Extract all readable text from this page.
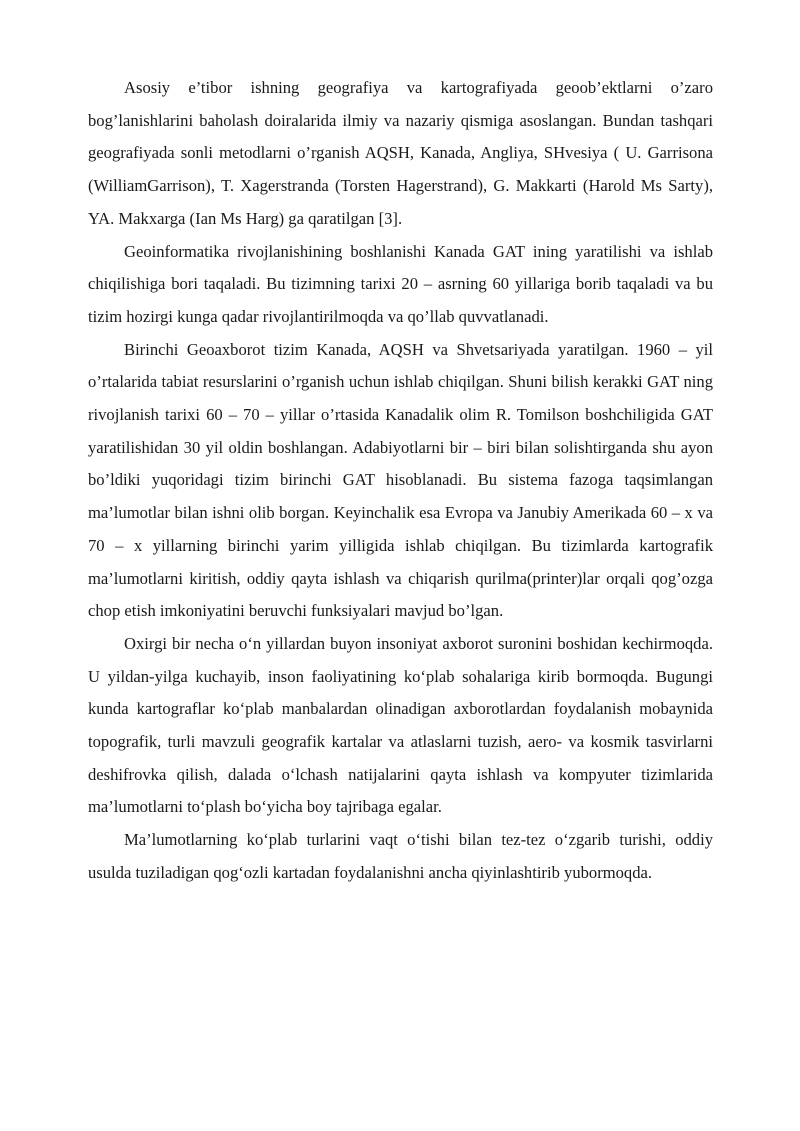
Asosiy e’tibor ishning geografiya va kartografiyada geoob’ektlarni o’zaro bog’lanishlarini baholash doiralarida ilmiy va nazariy qismiga asoslangan. Bundan tashqari geografiyada sonli metodlarni o’rganish AQSH, Kanada, Angliya, SHvesiya ( U. Garrisona (WilliamGarrison), T. Xagerstranda (Torsten Hagerstrand), G. Makkarti (Harold Ms Sarty), YA. Makxarga (Ian Ms Harg) ga qaratilgan [3].

Geoinformatika rivojlanishining boshlanishi Kanada GAT ining yaratilishi va ishlab chiqilishiga bori taqaladi. Bu tizimning tarixi 20 – asrning 60 yillariga borib taqaladi va bu tizim hozirgi kunga qadar rivojlantirilmoqda va qo’llab quvvatlanadi.

Birinchi Geoaxborot tizim Kanada, AQSH va Shvetsariyada yaratilgan. 1960 – yil o’rtalarida tabiat resurslarini o’rganish uchun ishlab chiqilgan. Shuni bilish kerakki GAT ning rivojlanish tarixi 60 – 70 – yillar o’rtasida Kanadalik olim R. Tomilson boshchiligida GAT yaratilishidan 30 yil oldin boshlangan. Adabiyotlarni bir – biri bilan solishtirganda shu ayon bo’ldiki yuqoridagi tizim birinchi GAT hisoblanadi. Bu sistema fazoga taqsimlangan ma’lumotlar bilan ishni olib borgan. Keyinchalik esa Evropa va Janubiy Amerikada 60 – x va 70 – x yillarning birinchi yarim yilligida ishlab chiqilgan. Bu tizimlarda kartografik ma’lumotlarni kiritish, oddiy qayta ishlash va chiqarish qurilma(printer)lar orqali qog’ozga chop etish imkoniyatini beruvchi funksiyalari mavjud bo’lgan.

Oxirgi bir necha o‘n yillardan buyon insoniyat axborot suronini boshidan kechirmoqda. U yildan-yilga kuchayib, inson faoliyatining ko‘plab sohalariga kirib bormoqda. Bugungi kunda kartograflar ko‘plab manbalardan olinadigan axborotlardan foydalanish mobaynida topografik, turli mavzuli geografik kartalar va atlaslarni tuzish, aero- va kosmik tasvirlarni deshifrovka qilish, dalada o‘lchash natijalarini qayta ishlash va kompyuter tizimlarida ma’lumotlarni to‘plash bo‘yicha boy tajribaga egalar.

Ma’lumotlarning ko‘plab turlarini vaqt o‘tishi bilan tez-tez o‘zgarib turishi, oddiy usulda tuziladigan qog‘ozli kartadan foydalanishni ancha qiyinlashtirib yubormoqda.
